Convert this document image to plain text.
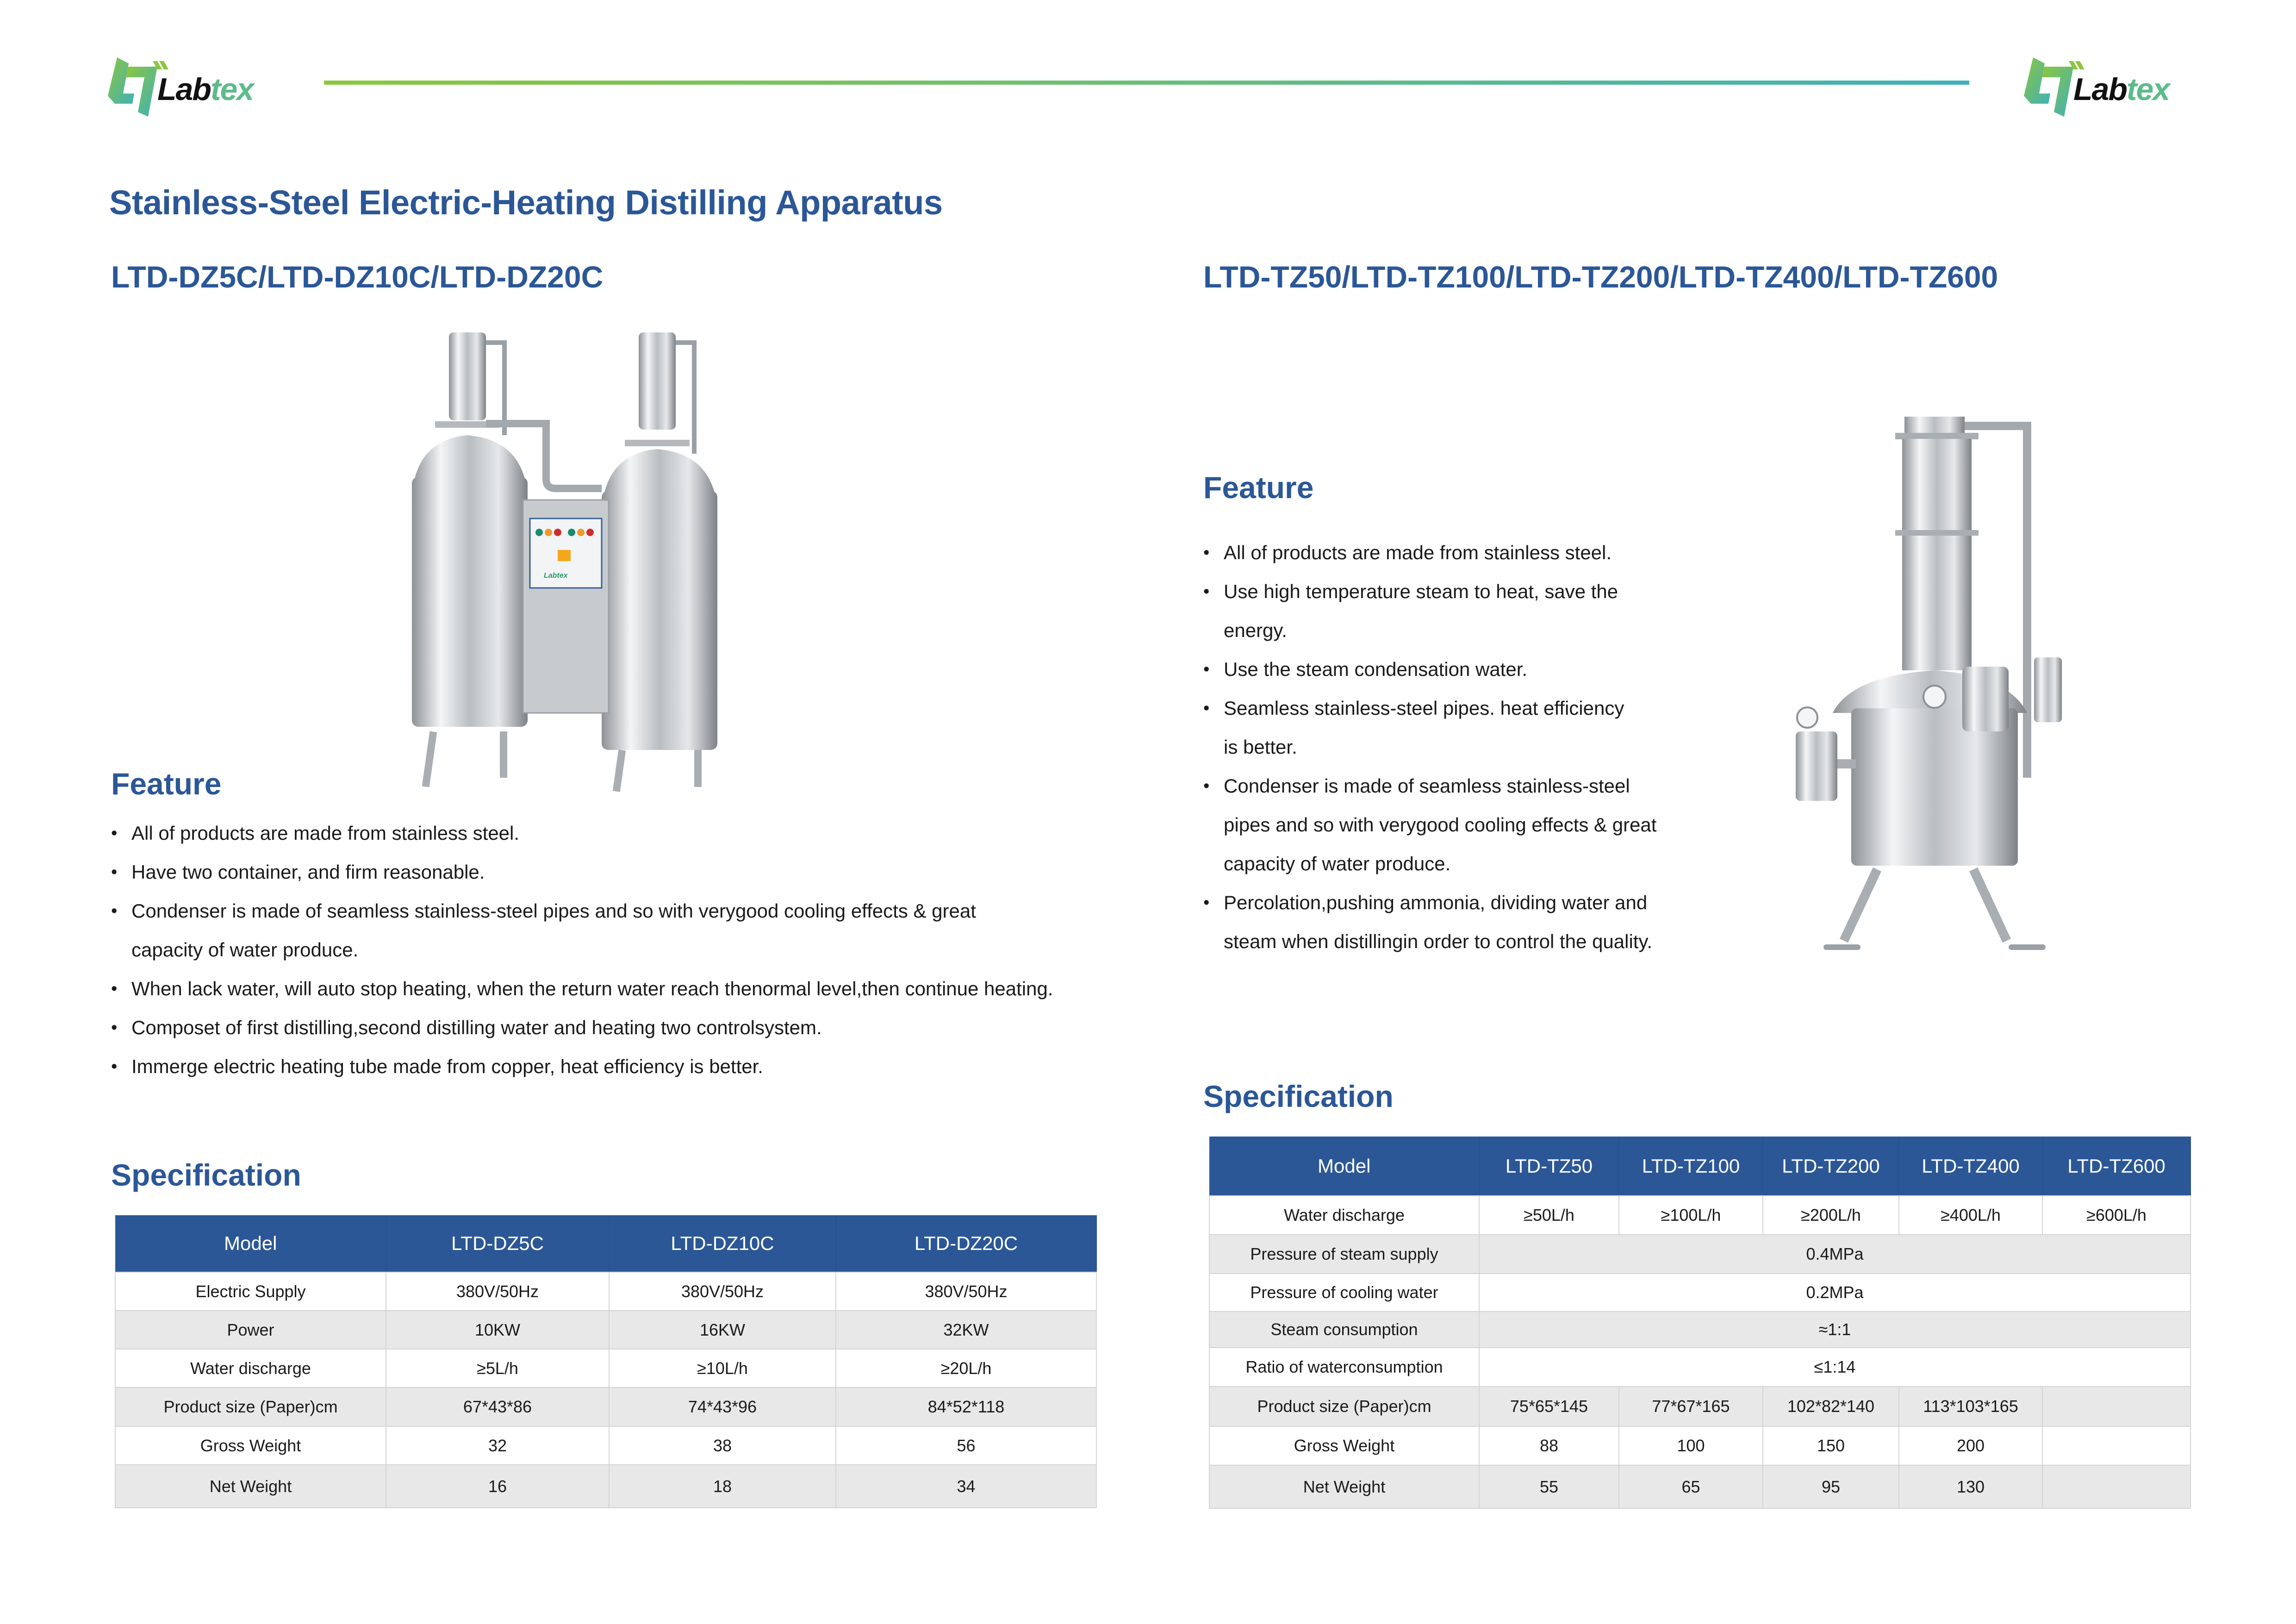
Labtex	Labtex
Stainless-Steel Electric-Heating Distilling Apparatus
LTD-DZ5C/LTD-DZ10C/LTD-DZ20C
Labtex
Feature
• All of products are made from stainless steel.
• Have two container, and firm reasonable.
• Condenser is made of seamless stainless-steel pipes and so with verygood cooling effects & great capacity of water produce.
• When lack water, will auto stop heating, when the return water reach thenormal level,then continue heating.
• Composet of first distilling,second distilling water and heating two controlsystem.
• Immerge electric heating tube made from copper, heat efficiency is better.
Specification
Model	LTD-DZ5C	LTD-DZ10C	LTD-DZ20C
Electric Supply	380V/50Hz	380V/50Hz	380V/50Hz
Power	10KW	16KW	32KW
Water discharge	≥5L/h	≥10L/h	≥20L/h
Product size (Paper)cm	67*43*86	74*43*96	84*52*118
Gross Weight	32	38	56
Net Weight	16	18	34
LTD-TZ50/LTD-TZ100/LTD-TZ200/LTD-TZ400/LTD-TZ600
Feature
• All of products are made from stainless steel.
• Use high temperature steam to heat, save the
energy.
• Use the steam condensation water.
• Seamless stainless-steel pipes. heat efficiency
is better.
• Condenser is made of seamless stainless-steel
pipes and so with verygood cooling effects & great
capacity of water produce.
• Percolation,pushing ammonia, dividing water and
steam when distillingin order to control the quality.
Specification
Model	LTD-TZ50	LTD-TZ100	LTD-TZ200	LTD-TZ400	LTD-TZ600
Water discharge	≥50L/h	≥100L/h	≥200L/h	≥400L/h	≥600L/h
Pressure of steam supply	0.4MPa				
Pressure of cooling water	0.2MPa				
Steam consumption	≈1:1				
Ratio of waterconsumption	≤1:14				
Product size (Paper)cm	75*65*145	77*67*165	102*82*140	113*103*165	
Gross Weight	88	100	150	200	
Net Weight	55	65	95	130	
